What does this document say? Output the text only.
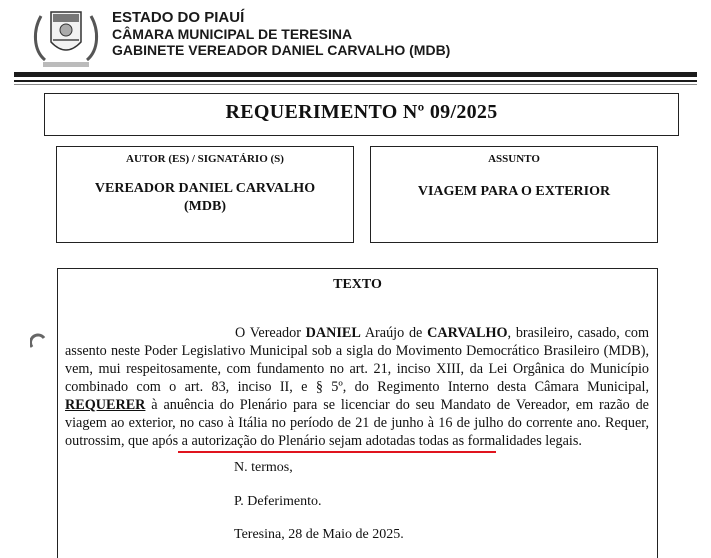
ESTADO DO PIAUÍ
CÂMARA MUNICIPAL DE TERESINA
GABINETE VEREADOR DANIEL CARVALHO (MDB)
REQUERIMENTO Nº 09/2025
AUTOR (ES) / SIGNATÁRIO (S)
VEREADOR DANIEL CARVALHO
(MDB)
ASSUNTO
VIAGEM PARA O EXTERIOR
TEXTO

O Vereador DANIEL Araújo de CARVALHO, brasileiro, casado, com assento neste Poder Legislativo Municipal sob a sigla do Movimento Democrático Brasileiro (MDB), vem, mui respeitosamente, com fundamento no art. 21, inciso XIII, da Lei Orgânica do Município combinado com o art. 83, inciso II, e § 5º, do Regimento Interno desta Câmara Municipal, REQUERER à anuência do Plenário para se licenciar do seu Mandato de Vereador, em razão de viagem ao exterior, no caso à Itália no período de 21 de junho à 16 de julho do corrente ano. Requer, outrossim, que após a autorização do Plenário sejam adotadas todas as formalidades legais.

N. termos,
P. Deferimento.
Teresina, 28 de Maio de 2025.
